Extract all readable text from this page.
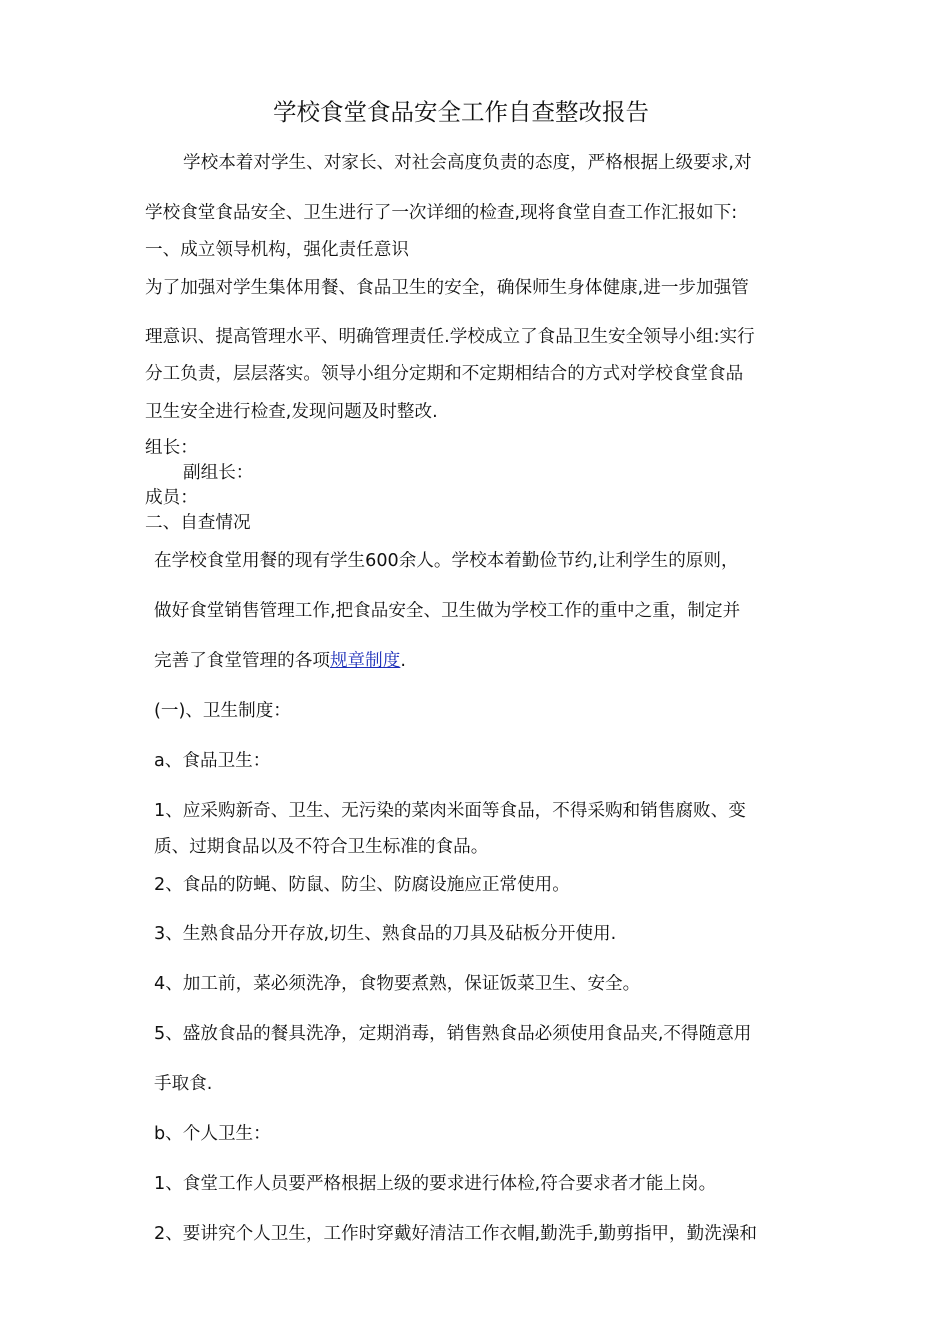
学校食堂食品安全工作自查整改报告

学校本着对学生、对家长、对社会高度负责的态度，严格根据上级要求,对

学校食堂食品安全、卫生进行了一次详细的检查,现将食堂自查工作汇报如下:

一、成立领导机构，强化责任意识

为了加强对学生集体用餐、食品卫生的安全，确保师生身体健康,进一步加强管

理意识、提高管理水平、明确管理责任.学校成立了食品卫生安全领导小组:实行

分工负责，层层落实。领导小组分定期和不定期相结合的方式对学校食堂食品

卫生安全进行检查,发现问题及时整改.

组长：

副组长：

成员：

二、自查情况

在学校食堂用餐的现有学生600余人。学校本着勤俭节约,让利学生的原则，

做好食堂销售管理工作,把食品安全、卫生做为学校工作的重中之重，制定并

完善了食堂管理的各项规章制度.

(一)、卫生制度：

a、食品卫生：

1、应采购新奇、卫生、无污染的菜肉米面等食品，不得采购和销售腐败、变

质、过期食品以及不符合卫生标准的食品。

2、食品的防蝇、防鼠、防尘、防腐设施应正常使用。

3、生熟食品分开存放,切生、熟食品的刀具及砧板分开使用.

4、加工前，菜必须洗净，食物要煮熟，保证饭菜卫生、安全。

5、盛放食品的餐具洗净，定期消毒，销售熟食品必须使用食品夹,不得随意用

手取食.

b、个人卫生：

1、食堂工作人员要严格根据上级的要求进行体检,符合要求者才能上岗。

2、要讲究个人卫生，工作时穿戴好清洁工作衣帽,勤洗手,勤剪指甲，勤洗澡和
